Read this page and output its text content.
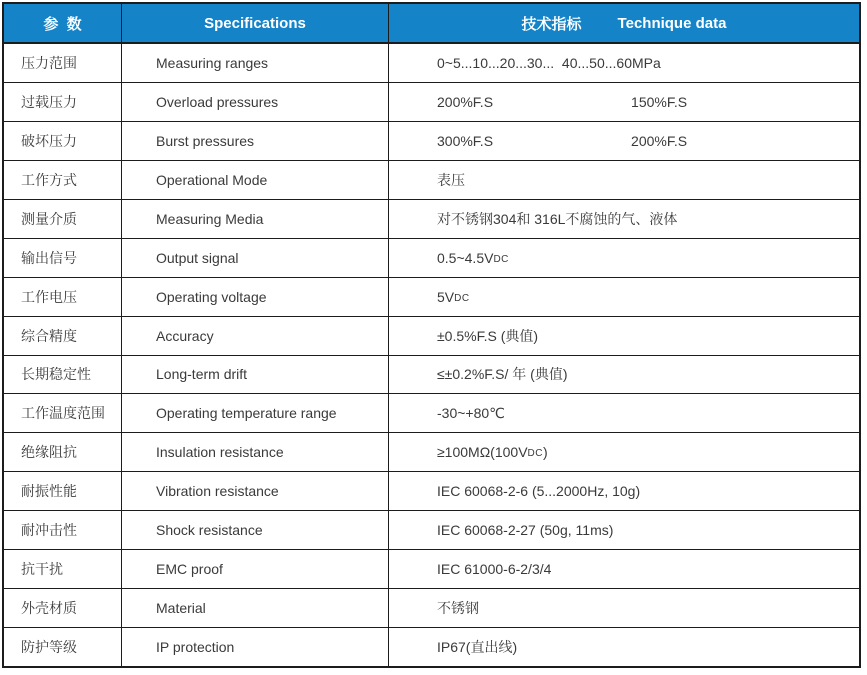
参  数	Specifications	技术指标 Technique data
压力范围	Measuring ranges	0~5...10...20...30...  40...50...60MPa
过载压力	Overload pressures	200%F.S	150%F.S
破坏压力	Burst pressures	300%F.S	200%F.S
工作方式	Operational Mode	表压
测量介质	Measuring Media	对不锈钢304和 316L不腐蚀的气、液体
输出信号	Output signal	0.5~4.5V DC
工作电压	Operating voltage	5V DC
综合精度	Accuracy	±0.5%F.S (典值)
长期稳定性	Long-term drift	≤±0.2%F.S/ 年 (典值)
工作温度范围	Operating temperature range	-30~+80℃
绝缘阻抗	Insulation resistance	≥100MΩ(100V DC )
耐振性能	Vibration resistance	IEC 60068-2-6 (5...2000Hz, 10g)
耐冲击性	Shock resistance	IEC 60068-2-27 (50g, 11ms)
抗干扰	EMC proof	IEC 61000-6-2/3/4
外壳材质	Material	不锈钢
防护等级	IP protection	IP67(直出线)
